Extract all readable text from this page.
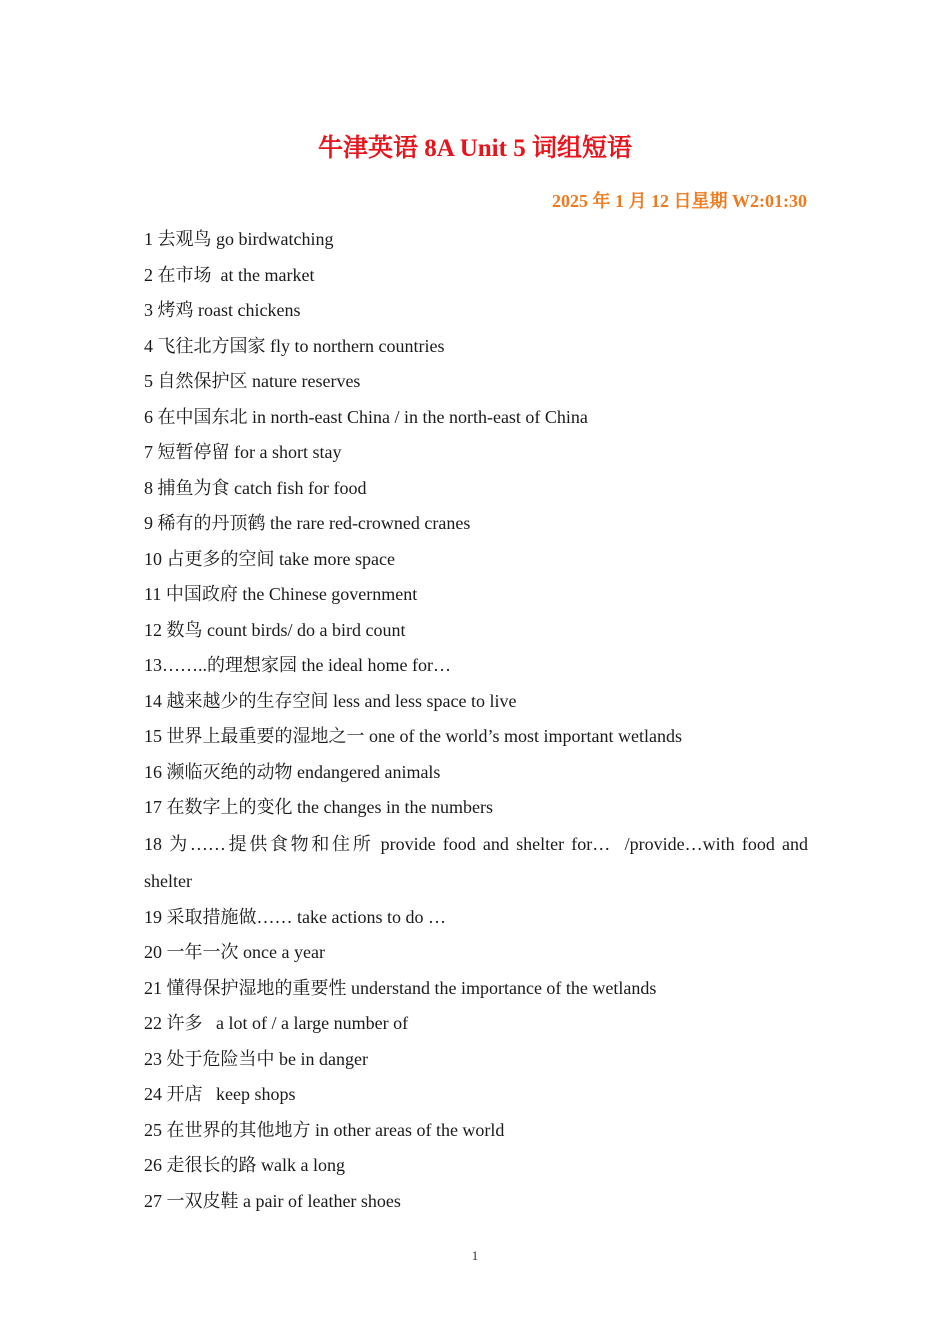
牛津英语 8A Unit 5 词组短语
2025 年 1 月 12 日星期 W2:01:30
1 去观鸟 go birdwatching
2 在市场  at the market
3 烤鸡 roast chickens
4 飞往北方国家 fly to northern countries
5 自然保护区 nature reserves
6 在中国东北 in north-east China / in the north-east of China
7 短暂停留 for a short stay
8 捕鱼为食 catch fish for food
9 稀有的丹顶鹤 the rare red-crowned cranes
10 占更多的空间 take more space
11 中国政府 the Chinese government
12 数鸟 count birds/ do a bird count
13……..的理想家园 the ideal home for…
14 越来越少的生存空间 less and less space to live
15 世界上最重要的湿地之一 one of the world’s most important wetlands
16 濒临灭绝的动物 endangered animals
17 在数字上的变化 the changes in the numbers
18 为……提供食物和住所 provide food and shelter for…  /provide…with food and shelter
19 采取措施做…… take actions to do …
20 一年一次 once a year
21 懂得保护湿地的重要性 understand the importance of the wetlands
22 许多   a lot of / a large number of
23 处于危险当中 be in danger
24 开店   keep shops
25 在世界的其他地方 in other areas of the world
26 走很长的路 walk a long
27 一双皮鞋 a pair of leather shoes
1
